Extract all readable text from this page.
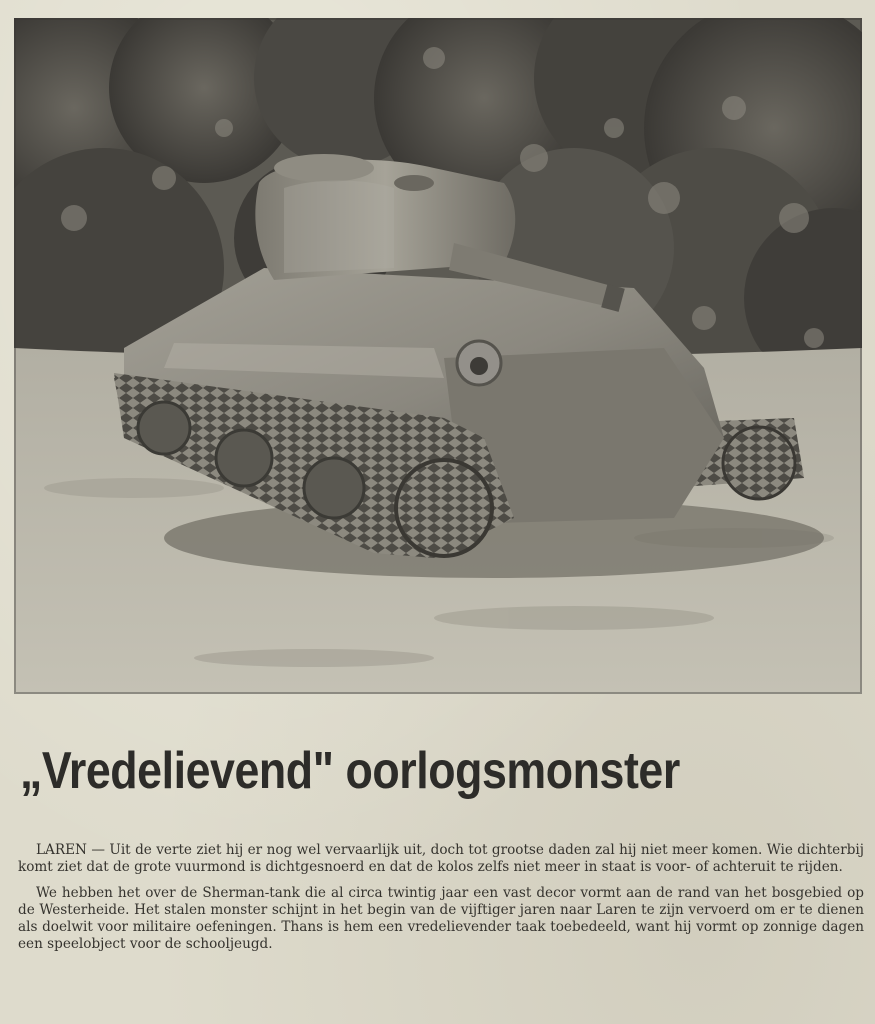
„Vredelievend" oorlogsmonster

LAREN — Uit de verte ziet hij er nog wel vervaarlijk uit, doch tot grootse daden zal hij niet meer komen. Wie dichterbij komt ziet dat de grote vuurmond is dichtgesnoerd en dat de kolos zelfs niet meer in staat is voor- of achteruit te rijden.

We hebben het over de Sherman-tank die al circa twintig jaar een vast decor vormt aan de rand van het bosgebied op de Westerheide. Het stalen monster schijnt in het begin van de vijftiger jaren naar Laren te zijn vervoerd om er te dienen als doelwit voor militaire oefeningen. Thans is hem een vredelievender taak toebedeeld, want hij vormt op zonnige dagen een speelobject voor de schooljeugd.
